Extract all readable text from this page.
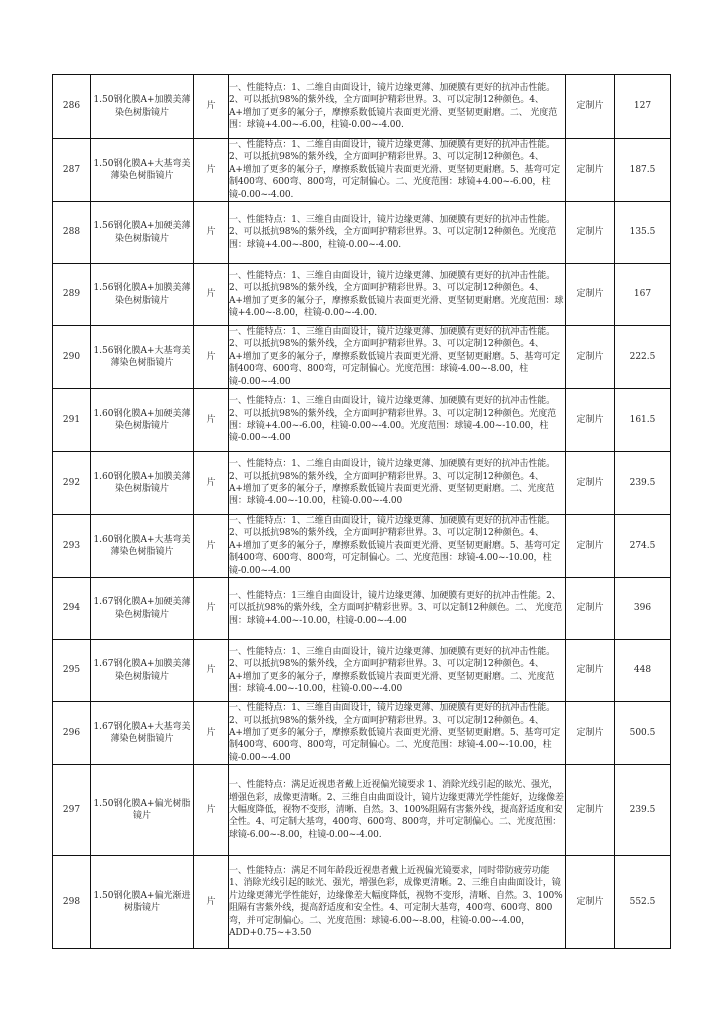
286	1.50钢化膜A+加膜美薄染色树脂镜片	片	一、性能特点：1、二维自由面设计，镜片边缘更薄、加硬膜有更好的抗冲击性能。2、可以抵抗98%的紫外线，全方面呵护精彩世界。3、可以定制12种颜色。4、A+增加了更多的氟分子，摩擦系数低镜片表面更光滑、更坚韧更耐磨。二、 光度范围：球镜+4.00~-6.00，柱镜-0.00~-4.00.	定制片	127
287	1.50钢化膜A+大基弯美薄染色树脂镜片	片	一、性能特点：1、二维自由面设计，镜片边缘更薄、加硬膜有更好的抗冲击性能。2、可以抵抗98%的紫外线，全方面呵护精彩世界。3、可以定制12种颜色。4、A+增加了更多的氟分子，摩擦系数低镜片表面更光滑、更坚韧更耐磨。5、基弯可定制400弯、600弯、800弯，可定制偏心。二、光度范围：球镜+4.00~-6.00，柱镜-0.00~-4.00.	定制片	187.5
288	1.56钢化膜A+加硬美薄染色树脂镜片	片	一、性能特点：1、三维自由面设计，镜片边缘更薄、加硬膜有更好的抗冲击性能。2、可以抵抗98%的紫外线，全方面呵护精彩世界。3、可以定制12种颜色。光度范围：球镜+4.00~-800，柱镜-0.00~-4.00.	定制片	135.5
289	1.56钢化膜A+加膜美薄染色树脂镜片	片	一、性能特点：1、三维自由面设计，镜片边缘更薄、加硬膜有更好的抗冲击性能。2、可以抵抗98%的紫外线，全方面呵护精彩世界。3、可以定制12种颜色。4、A+增加了更多的氟分子，摩擦系数低镜片表面更光滑、更坚韧更耐磨。光度范围：球镜+4.00~-8.00，柱镜-0.00~-4.00.	定制片	167
290	1.56钢化膜A+大基弯美薄染色树脂镜片	片	一、性能特点：1、三维自由面设计，镜片边缘更薄、加硬膜有更好的抗冲击性能。2、可以抵抗98%的紫外线，全方面呵护精彩世界。3、可以定制12种颜色。4、A+增加了更多的氟分子，摩擦系数低镜片表面更光滑、更坚韧更耐磨。5、基弯可定制400弯、600弯、800弯，可定制偏心。光度范围：球镜-4.00~-8.00，柱镜-0.00~-4.00	定制片	222.5
291	1.60钢化膜A+加硬美薄染色树脂镜片	片	一、性能特点：1、三维自由面设计，镜片边缘更薄、加硬膜有更好的抗冲击性能。2、可以抵抗98%的紫外线，全方面呵护精彩世界。3、可以定制12种颜色。光度范围：球镜+4.00~-6.00，柱镜-0.00~-4.00。光度范围：球镜-4.00~-10.00，柱镜-0.00~-4.00	定制片	161.5
292	1.60钢化膜A+加膜美薄染色树脂镜片	片	一、性能特点：1、二维自由面设计，镜片边缘更薄、加硬膜有更好的抗冲击性能。2、可以抵抗98%的紫外线，全方面呵护精彩世界。3、可以定制12种颜色。4、A+增加了更多的氟分子，摩擦系数低镜片表面更光滑、更坚韧更耐磨。二、光度范围：球镜-4.00~-10.00，柱镜-0.00~-4.00	定制片	239.5
293	1.60钢化膜A+大基弯美薄染色树脂镜片	片	一、性能特点：1、二维自由面设计，镜片边缘更薄、加硬膜有更好的抗冲击性能。2、可以抵抗98%的紫外线，全方面呵护精彩世界。3、可以定制12种颜色。4、A+增加了更多的氟分子，摩擦系数低镜片表面更光滑、更坚韧更耐磨。5、基弯可定制400弯、600弯、800弯，可定制偏心。二、光度范围：球镜-4.00~-10.00，柱镜-0.00~-4.00	定制片	274.5
294	1.67钢化膜A+加硬美薄染色树脂镜片	片	一、性能特点：1三维自由面设计，镜片边缘更薄、加硬膜有更好的抗冲击性能。2、可以抵抗98%的紫外线，全方面呵护精彩世界。3、可以定制12种颜色。二、 光度范围：球镜+4.00~-10.00，柱镜-0.00~-4.00	定制片	396
295	1.67钢化膜A+加膜美薄染色树脂镜片	片	一、性能特点：1、三维自由面设计，镜片边缘更薄、加硬膜有更好的抗冲击性能。2、可以抵抗98%的紫外线，全方面呵护精彩世界。3、可以定制12种颜色。4、A+增加了更多的氟分子，摩擦系数低镜片表面更光滑、更坚韧更耐磨。二、光度范围：球镜-4.00~-10.00，柱镜-0.00~-4.00	定制片	448
296	1.67钢化膜A+大基弯美薄染色树脂镜片	片	一、性能特点：1、三维自由面设计，镜片边缘更薄、加硬膜有更好的抗冲击性能。2、可以抵抗98%的紫外线，全方面呵护精彩世界。3、可以定制12种颜色。4、A+增加了更多的氟分子，摩擦系数低镜片表面更光滑、更坚韧更耐磨。5、基弯可定制400弯、600弯、800弯，可定制偏心。二、光度范围：球镜-4.00~-10.00，柱镜-0.00~-4.00	定制片	500.5
297	1.50钢化膜A+偏光树脂镜片	片	一、性能特点：满足近视患者戴上近视偏光镜要求 1、消除光线引起的眩光、强光，增强色彩，成像更清晰。2、三维自由曲面设计，镜片边缘更薄光学性能好，边缘像差大幅度降低，视物不变形，清晰、自然。3、100%阻隔有害紫外线，提高舒适度和安全性。4、可定制大基弯，400弯、600弯、800弯，并可定制偏心。二、光度范围：球镜-6.00~-8.00，柱镜-0.00~-4.00.	定制片	239.5
298	1.50钢化膜A+偏光渐进树脂镜片	片	一、性能特点：满足不同年龄段近视患者戴上近视偏光镜要求，同时带防疲劳功能 1、消除光线引起的眩光、强光，增强色彩，成像更清晰。2、三维自由曲面设计，镜片边缘更薄光学性能好，边缘像差大幅度降低，视物不变形，清晰、自然。3、100%阻隔有害紫外线，提高舒适度和安全性。4、可定制大基弯，400弯、600弯、800弯，并可定制偏心。二、光度范围：球镜-6.00~-8.00，柱镜-0.00~-4.00，ADD+0.75~+3.50	定制片	552.5
